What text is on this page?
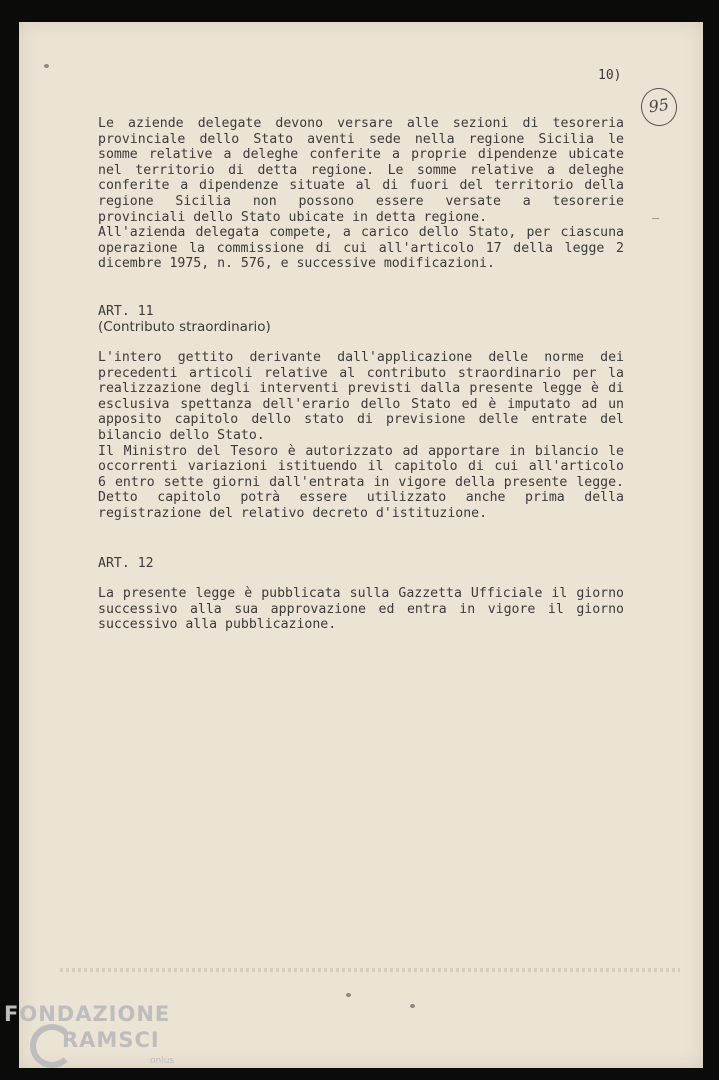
10)
95
Le aziende delegate devono versare alle sezioni di tesoreria
provinciale dello Stato aventi sede nella regione Sicilia le
somme relative a deleghe conferite a proprie dipendenze ubicate
nel territorio di detta regione. Le somme relative a deleghe
conferite a dipendenze situate al di fuori del territorio della
regione Sicilia non possono essere versate a tesorerie
provinciali dello Stato ubicate in detta regione.
All'azienda delegata compete, a carico dello Stato, per ciascuna
operazione la commissione di cui all'articolo 17 della legge 2
dicembre 1975, n. 576, e successive modificazioni.
ART. 11
(Contributo straordinario)
L'intero gettito derivante dall'applicazione delle norme dei
precedenti articoli relative al contributo straordinario per la
realizzazione degli interventi previsti dalla presente legge è di
esclusiva spettanza dell'erario dello Stato ed è imputato ad un
apposito capitolo dello stato di previsione delle entrate del
bilancio dello Stato.
Il Ministro del Tesoro è autorizzato ad apportare in bilancio le
occorrenti variazioni istituendo il capitolo di cui all'articolo
6 entro sette giorni dall'entrata in vigore della presente legge.
Detto capitolo potrà essere utilizzato anche prima della
registrazione del relativo decreto d'istituzione.
ART. 12
La presente legge è pubblicata sulla Gazzetta Ufficiale il giorno
successivo alla sua approvazione ed entra in vigore il giorno
successivo alla pubblicazione.
FONDAZIONE
RAMSCI
onlus
